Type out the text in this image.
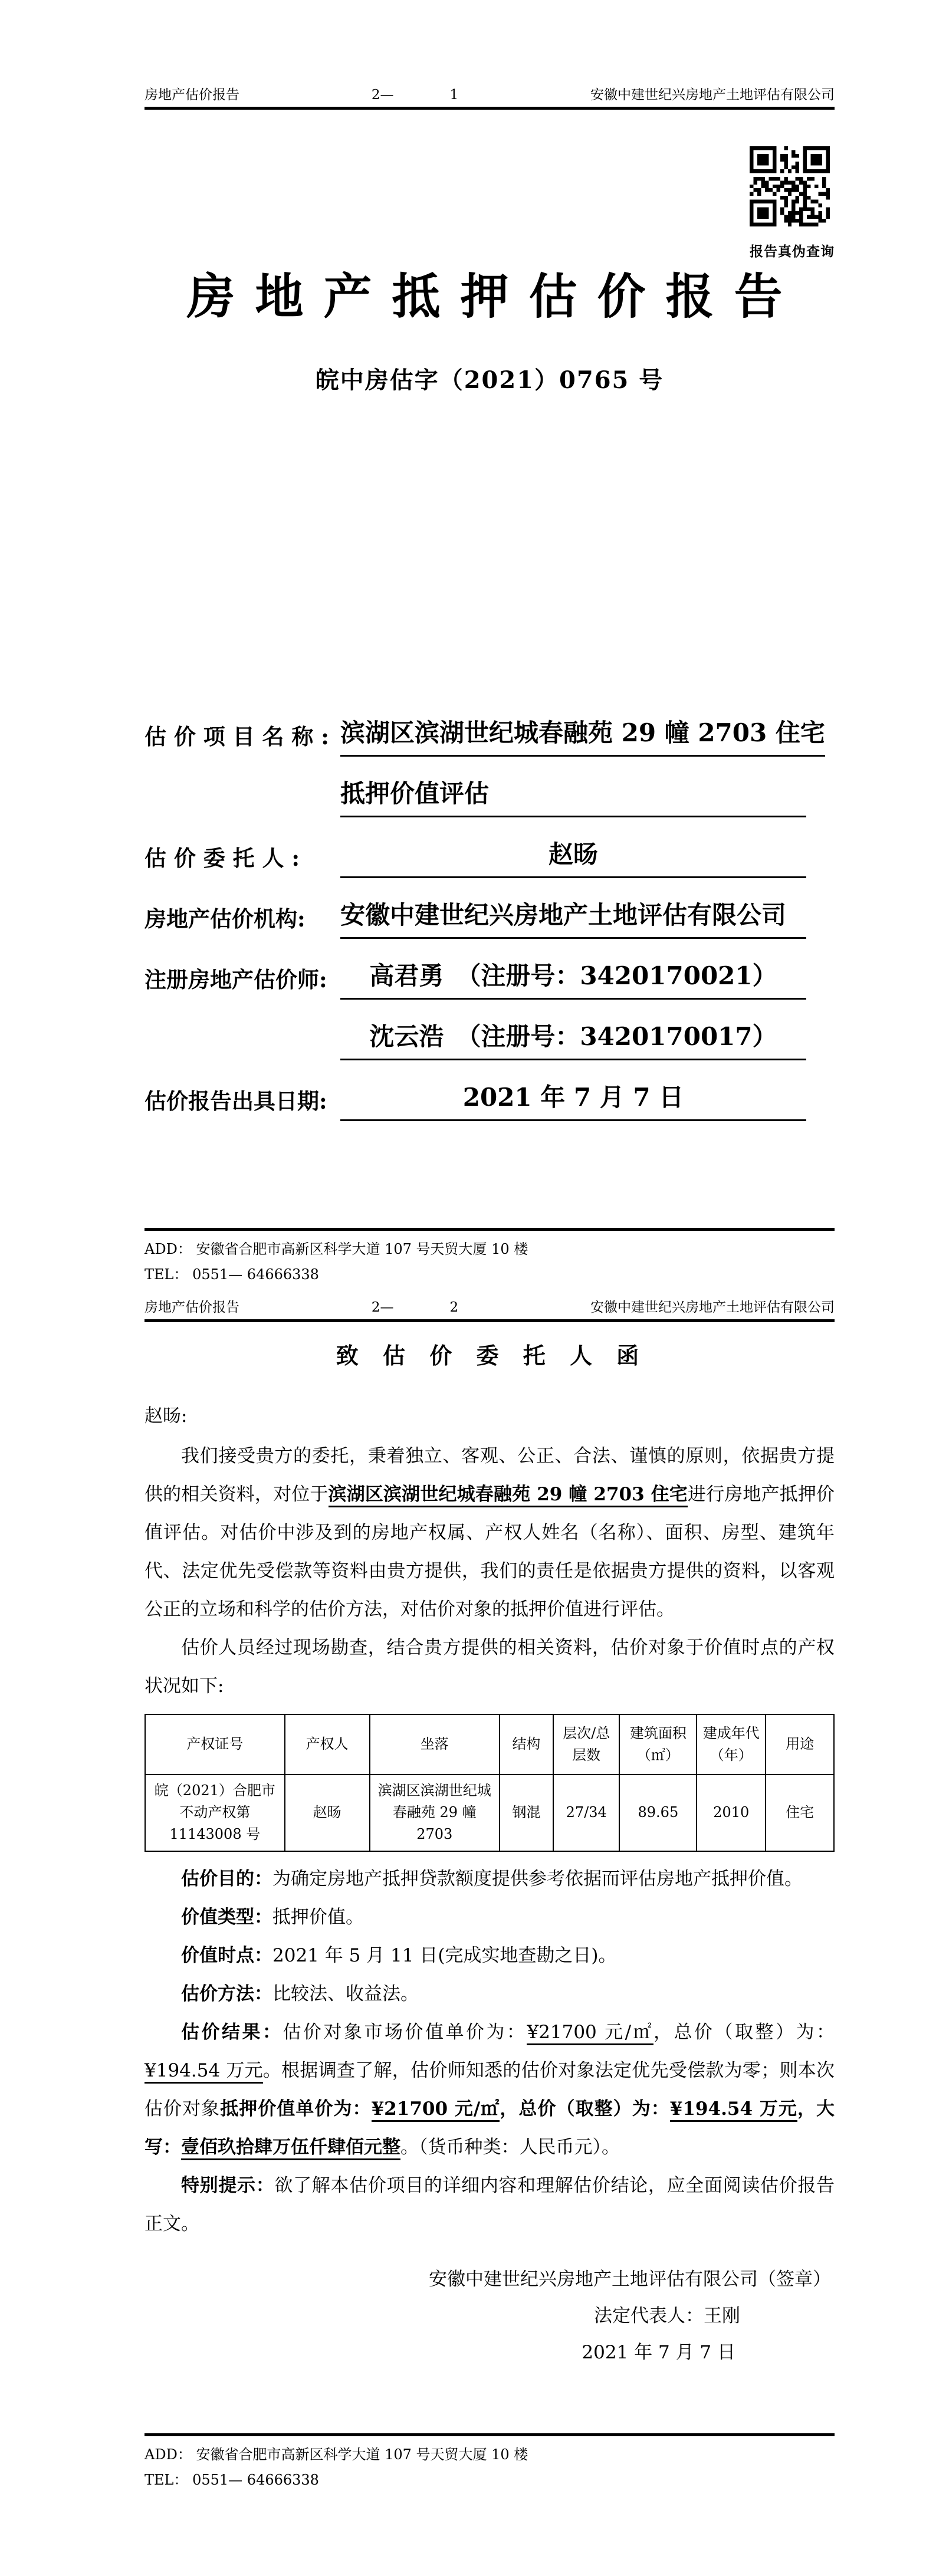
房地产估价报告	2—	1	安徽中建世纪兴房地产土地评估有限公司
房地产抵押估价报告
皖中房估字（2021）0765 号
估 价 项 目 名 称 : 滨湖区滨湖世纪城春融苑 29 幢 2703 住宅
抵押价值评估
估 价 委 托 人 :	赵旸
房地产估价机构:	安徽中建世纪兴房地产土地评估有限公司
注册房地产估价师:	高君勇　（注册号：3420170021）
沈云浩　（注册号：3420170017）
估价报告出具日期:	2021 年 7 月 7 日
报告真伪查询
ADD： 安徽省合肥市高新区科学大道 107 号天贸大厦 10 楼
TEL： 0551— 64666338
房地产估价报告	2—	2	安徽中建世纪兴房地产土地评估有限公司
致 估 价 委 托 人 函
赵旸:

我们接受贵方的委托，秉着独立、客观、公正、合法、谨慎的原则，依据贵方提供的相关资料，对位于滨湖区滨湖世纪城春融苑 29 幢 2703 住宅进行房地产抵押价值评估。对估价中涉及到的房地产权属、产权人姓名（名称）、面积、房型、建筑年代、法定优先受偿款等资料由贵方提供，我们的责任是依据贵方提供的资料，以客观公正的立场和科学的估价方法，对估价对象的抵押价值进行评估。

估价人员经过现场勘查，结合贵方提供的相关资料，估价对象于价值时点的产权状况如下:

产权证号	产权人	坐落	结构	层次/总层数	建筑面积（㎡）	建成年代（年）	用途
皖（2021）合肥市不动产权第 11143008 号	赵旸	滨湖区滨湖世纪城春融苑 29 幢 2703	钢混	27/34	89.65	2010	住宅
估价目的：为确定房地产抵押贷款额度提供参考依据而评估房地产抵押价值。
价值类型：抵押价值。
价值时点：2021 年 5 月 11 日(完成实地查勘之日)。
估价方法：比较法、收益法。

估价结果：估价对象市场价值单价为：¥21700 元/㎡，总价（取整）为：¥194.54 万元。根据调查了解，估价师知悉的估价对象法定优先受偿款为零；则本次估价对象抵押价值单价为：¥21700 元/㎡，总价（取整）为：¥194.54 万元，大写：壹佰玖拾肆万伍仟肆佰元整。（货币种类：人民币元）。

特别提示：欲了解本估价项目的详细内容和理解估价结论，应全面阅读估价报告正文。

安徽中建世纪兴房地产土地评估有限公司（签章）
法定代表人：王刚
2021 年 7 月 7 日
ADD： 安徽省合肥市高新区科学大道 107 号天贸大厦 10 楼
TEL： 0551— 64666338
